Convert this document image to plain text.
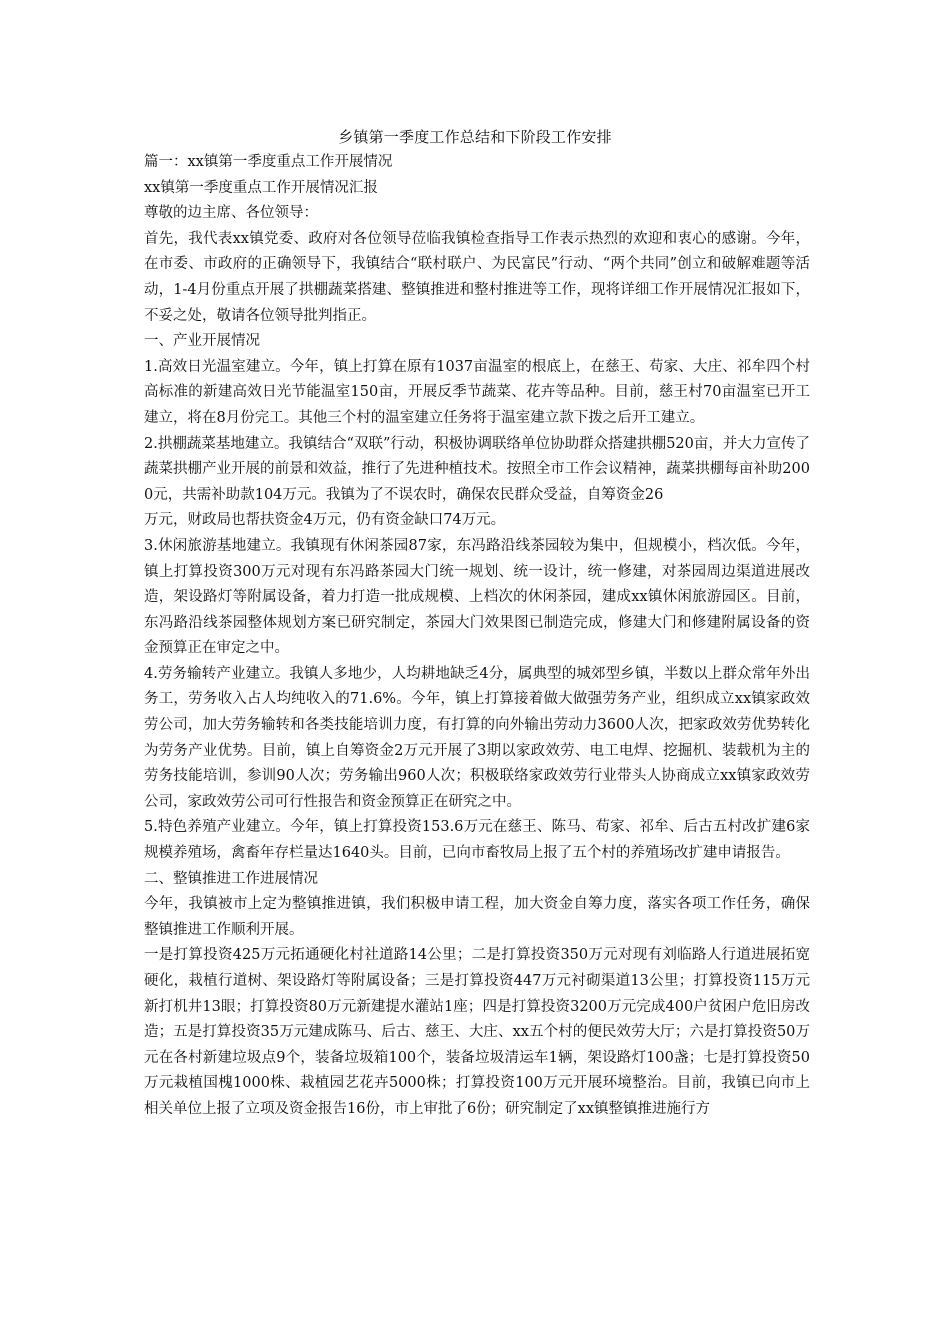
乡镇第一季度工作总结和下阶段工作安排

篇一：xx镇第一季度重点工作开展情况

xx镇第一季度重点工作开展情况汇报

尊敬的边主席、各位领导：

首先，我代表xx镇党委、政府对各位领导莅临我镇检查指导工作表示热烈的欢迎和衷心的感谢。今年，在市委、市政府的正确领导下，我镇结合“联村联户、为民富民”行动、“两个共同”创立和破解难题等活动，1-4月份重点开展了拱棚蔬菜搭建、整镇推进和整村推进等工作，现将详细工作开展情况汇报如下，不妥之处，敬请各位领导批判指正。

一、产业开展情况

1.高效日光温室建立。今年，镇上打算在原有1037亩温室的根底上，在慈王、苟家、大庄、祁牟四个村高标准的新建高效日光节能温室150亩，开展反季节蔬菜、花卉等品种。目前，慈王村70亩温室已开工建立，将在8月份完工。其他三个村的温室建立任务将于温室建立款下拨之后开工建立。

2.拱棚蔬菜基地建立。我镇结合“双联”行动，积极协调联络单位协助群众搭建拱棚520亩，并大力宣传了蔬菜拱棚产业开展的前景和效益，推行了先进种植技术。按照全市工作会议精神，蔬菜拱棚每亩补助2000元，共需补助款104万元。我镇为了不误农时，确保农民群众受益，自筹资金26

万元，财政局也帮扶资金4万元，仍有资金缺口74万元。

3.休闲旅游基地建立。我镇现有休闲茶园87家，东冯路沿线茶园较为集中，但规模小，档次低。今年，镇上打算投资300万元对现有东冯路茶园大门统一规划、统一设计，统一修建，对茶园周边渠道进展改造，架设路灯等附属设备，着力打造一批成规模、上档次的休闲茶园，建成xx镇休闲旅游园区。目前，东冯路沿线茶园整体规划方案已研究制定，茶园大门效果图已制造完成，修建大门和修建附属设备的资金预算正在审定之中。

4.劳务输转产业建立。我镇人多地少，人均耕地缺乏4分，属典型的城郊型乡镇，半数以上群众常年外出务工，劳务收入占人均纯收入的71.6%。今年，镇上打算接着做大做强劳务产业，组织成立xx镇家政效劳公司，加大劳务输转和各类技能培训力度，有打算的向外输出劳动力3600人次，把家政效劳优势转化为劳务产业优势。目前，镇上自筹资金2万元开展了3期以家政效劳、电工电焊、挖掘机、装载机为主的劳务技能培训，参训90人次；劳务输出960人次；积极联络家政效劳行业带头人协商成立xx镇家政效劳公司，家政效劳公司可行性报告和资金预算正在研究之中。

5.特色养殖产业建立。今年，镇上打算投资153.6万元在慈王、陈马、苟家、祁牟、后古五村改扩建6家规模养殖场，禽畜年存栏量达1640头。目前，已向市畜牧局上报了五个村的养殖场改扩建申请报告。

二、整镇推进工作进展情况

今年，我镇被市上定为整镇推进镇，我们积极申请工程，加大资金自筹力度，落实各项工作任务，确保整镇推进工作顺利开展。

一是打算投资425万元拓通硬化村社道路14公里；二是打算投资350万元对现有刘临路人行道进展拓宽硬化，栽植行道树、架设路灯等附属设备；三是打算投资447万元衬砌渠道13公里；打算投资115万元新打机井13眼；打算投资80万元新建提水灌站1座；四是打算投资3200万元完成400户贫困户危旧房改造；五是打算投资35万元建成陈马、后古、慈王、大庄、xx五个村的便民效劳大厅；六是打算投资50万元在各村新建垃圾点9个，装备垃圾箱100个，装备垃圾清运车1辆，架设路灯100盏；七是打算投资50万元栽植国槐1000株、栽植园艺花卉5000株；打算投资100万元开展环境整治。目前，我镇已向市上相关单位上报了立项及资金报告16份，市上审批了6份；研究制定了xx镇整镇推进施行方
